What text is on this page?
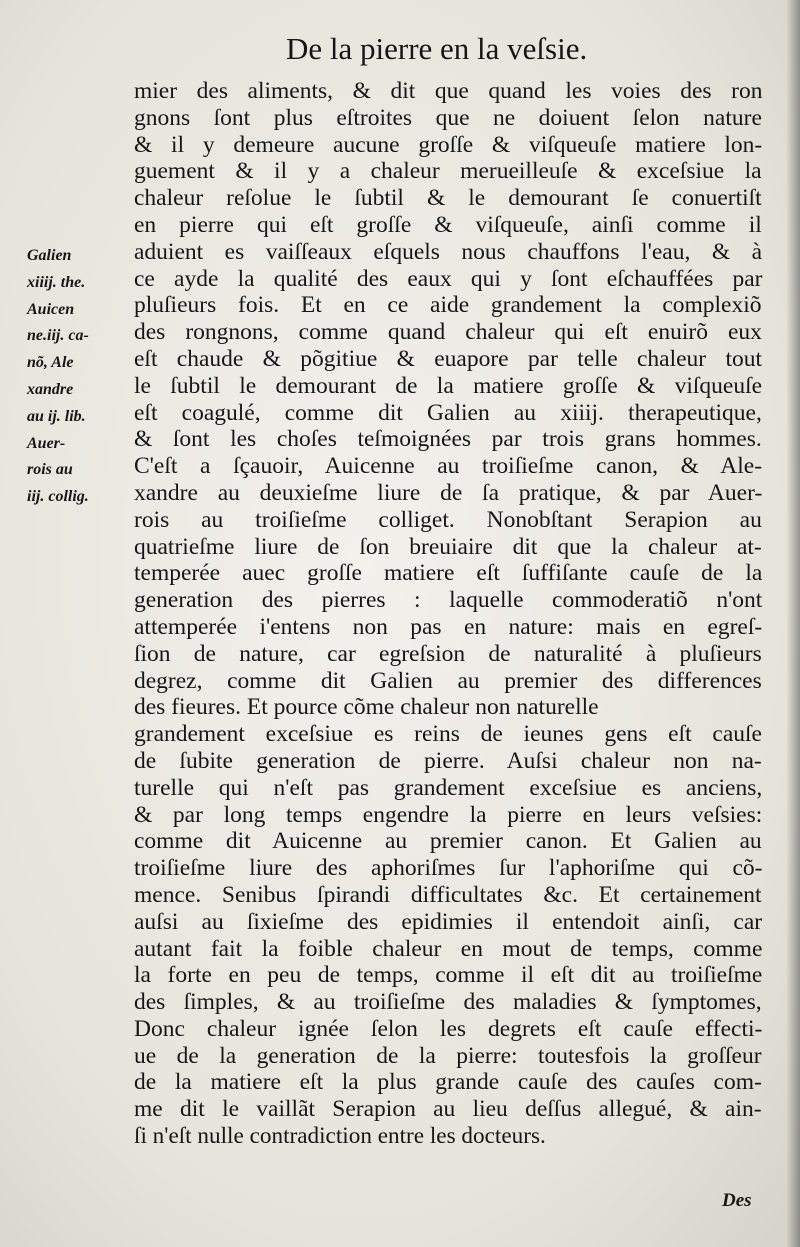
De la pierre en la veſsie.
Galien
xiiij. the.
Auicen
ne.iij. ca-
nõ, Ale
xandre
au ij. lib.
Auer-
rois au
iij. collig.
mier des aliments, & dit que quand les voies des ron
gnons ſont plus eſtroites que ne doiuent ſelon nature
& il y demeure aucune groſſe & viſqueuſe matiere lon-
guement & il y a chaleur merueilleuſe & exceſsiue la
chaleur reſolue le ſubtil & le demourant ſe conuertiſt
en pierre qui eſt groſſe & viſqueuſe, ainſi comme il
aduient es vaiſſeaux eſquels nous chauffons l'eau, & à
ce ayde la qualité des eaux qui y ſont eſchauffées par
pluſieurs fois. Et en ce aide grandement la complexiõ
des rongnons, comme quand chaleur qui eſt enuirõ eux
eſt chaude & põgitiue & euapore par telle chaleur tout
le ſubtil le demourant de la matiere groſſe & viſqueuſe
eſt coagulé, comme dit Galien au xiiij. therapeutique,
& ſont les choſes teſmoignées par trois grans hommes.
C'eſt a ſçauoir, Auicenne au troiſieſme canon, & Ale-
xandre au deuxieſme liure de ſa pratique, & par Auer-
rois au troiſieſme colliget. Nonobſtant Serapion au
quatrieſme liure de ſon breuiaire dit que la chaleur at-
temperée auec groſſe matiere eſt ſuffiſante cauſe de la
generation des pierres : laquelle commoderatiõ n'ont
attemperée i'entens non pas en nature: mais en egreſ-
ſion de nature, car egreſsion de naturalité à pluſieurs
degrez, comme dit Galien au premier des differences
des fieures. Et pource cõme chaleur non naturelle
grandement exceſsiue es reins de ieunes gens eſt cauſe
de ſubite generation de pierre. Auſsi chaleur non na-
turelle qui n'eſt pas grandement exceſsiue es anciens,
& par long temps engendre la pierre en leurs veſsies:
comme dit Auicenne au premier canon. Et Galien au
troiſieſme liure des aphoriſmes ſur l'aphoriſme qui cõ-
mence. Senibus ſpirandi difficultates &c. Et certainement
auſsi au ſixieſme des epidimies il entendoit ainſi, car
autant fait la foible chaleur en mout de temps, comme
la forte en peu de temps, comme il eſt dit au troiſieſme
des ſimples, & au troiſieſme des maladies & ſymptomes,
Donc chaleur ignée ſelon les degrets eſt cauſe effecti-
ue de la generation de la pierre: toutesfois la groſſeur
de la matiere eſt la plus grande cauſe des cauſes com-
me dit le vaillãt Serapion au lieu deſſus allegué, & ain-
ſi n'eſt nulle contradiction entre les docteurs.
Des
